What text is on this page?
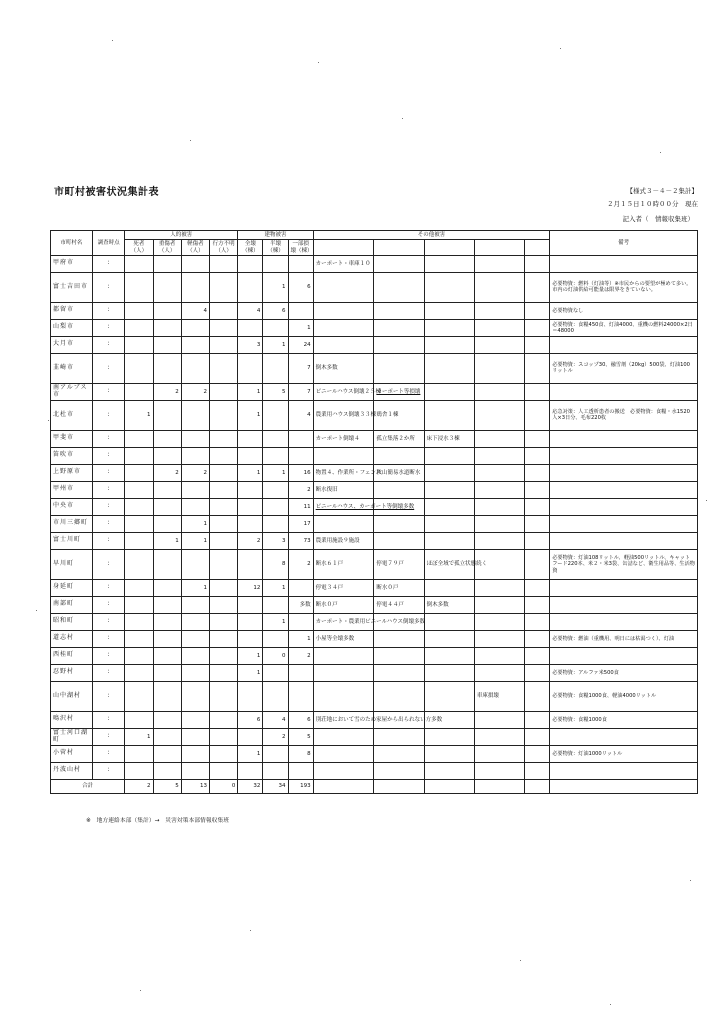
市町村被害状況集計表	【様式３－４－２集計】
２月１５日１０時００分　現在
記入者（　情報収集班）
市町村名	調査時点	人的被害				建物被害			その他被害					備考
		死者（人）	重傷者（人）	軽傷者（人）	行方不明（人）	全壊（棟）	半壊（棟）	一部損壊（棟）						
甲府市	:								カーポート・車庫１０					
富士吉田市	:						1	6						必要物資：燃料（灯油等）※市民からの要望が極めて多い。市内の灯油供給可能量は限界をきていない。
都留市	:			4		4	6							必要物資なし
山梨市	:							1						必要物資：食糧450食、灯油4000、重機の燃料24000×2日＝48000
大月市	:					3	1	24						
韮崎市	:							7	倒木多数					必要物資：スコップ30、融雪剤（20kg）500袋、灯油100リットル
南アルプス市	:		2	2		1	5	7	ビニールハウス倒壊２５棟	カーポート等損壊				
北杜市	:	1				1		4	農業用ハウス倒壊３３棟	鶏舎１棟				応急対策：人工透析患者の搬送　必要物資：食糧・水1520人×3日分、毛布220枚
甲斐市	:								カーポート倒壊４	孤立集落２か所	床下浸水３棟			
笛吹市	:													
上野原市	:		2	2		1	1	16	物置４、作業所・フェンス	秋山簡易水道断水				
甲州市	:							2	断水復旧					
中央市	:							11	ビニールハウス、カーポート等倒壊多数					
市川三郷町	:			1				17						
富士川町	:		1	1		2	3	73	農業用施設９施設					
早川町	:						8	2	断水６１戸	停電７９戸	ほぼ全域で孤立状態続く			必要物資：灯油108リットル、軽油500リットル、キャットフード220本、米２・米3袋、缶詰など、衛生用品等、生活物資
身延町	:			1		12	1		停電３４戸	断水０戸				
南部町	:							多数	断水０戸	停電４４戸	倒木多数			
昭和町	:						1		カーポート・農業用ビニールハウス倒壊多数					
道志村	:							1	小屋等全壊多数					必要物資：燃油（重機用、明日には枯渇つく）、灯油
西桂町	:					1	0	2						
忍野村	:					1								必要物資：アルファ米500食
山中湖村	:											車庫損壊		必要物資：食糧1000食、軽油4000リットル
鳴沢村	:					6	4	6	別荘地において雪のため家屋から出られない方多数					必要物資：食糧1000食
富士河口湖町	:	1					2	5						
小菅村	:					1		8						必要物資：灯油1000リットル
丹波山村	:													
合計		2	5	13	0	32	34	193						
※　地方連絡本部（集計）→　災害対策本部情報収集班
